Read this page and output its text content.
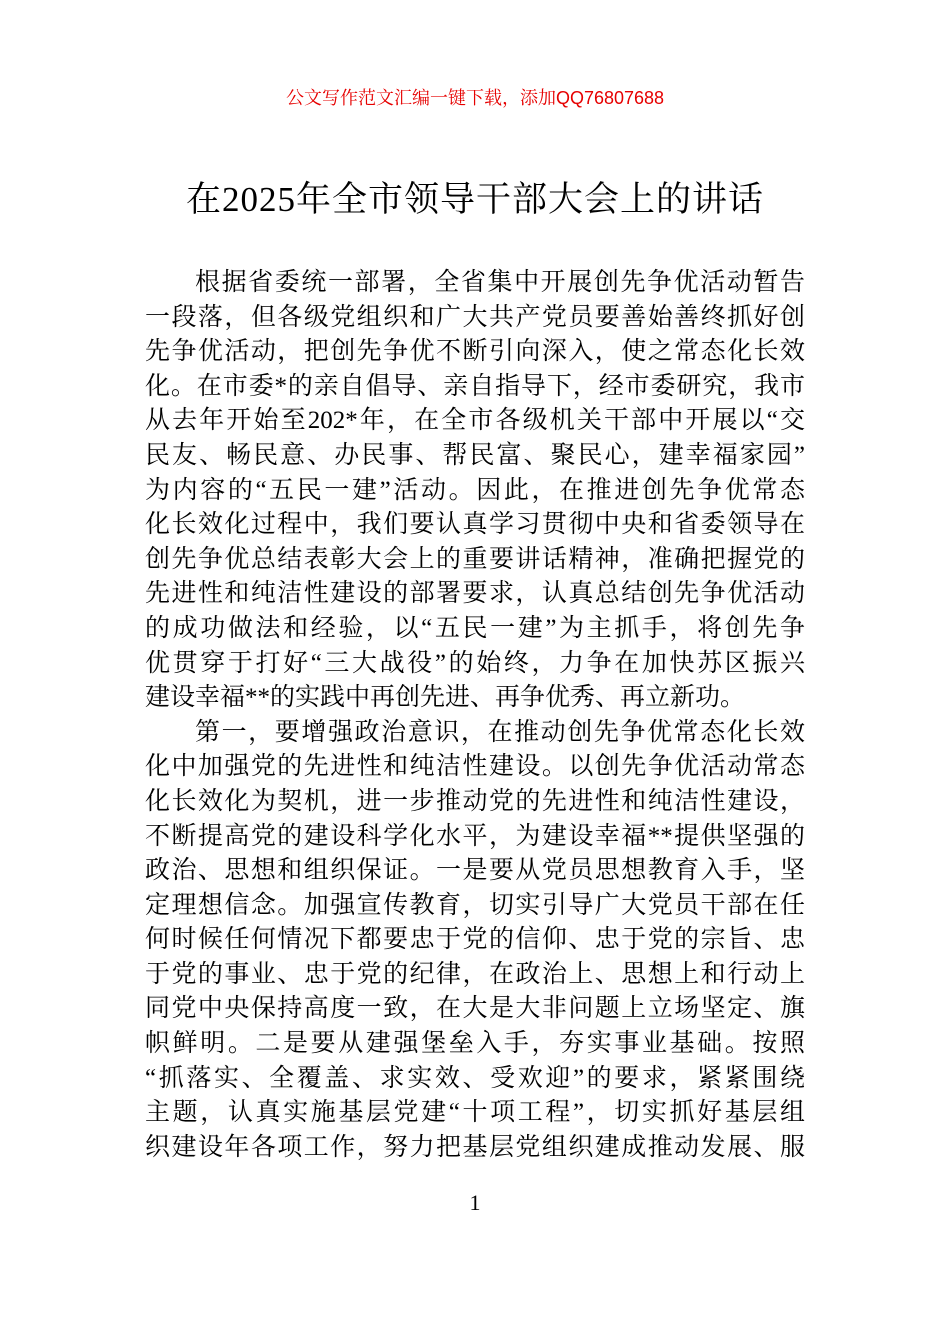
公文写作范文汇编一键下载，添加QQ76807688
在2025年全市领导干部大会上的讲话
根据省委统一部署，全省集中开展创先争优活动暂告
一段落，但各级党组织和广大共产党员要善始善终抓好创
先争优活动，把创先争优不断引向深入，使之常态化长效
化。在市委*的亲自倡导、亲自指导下，经市委研究，我市
从去年开始至202*年，在全市各级机关干部中开展以“交
民友、畅民意、办民事、帮民富、聚民心，建幸福家园”
为内容的“五民一建”活动。因此，在推进创先争优常态
化长效化过程中，我们要认真学习贯彻中央和省委领导在
创先争优总结表彰大会上的重要讲话精神，准确把握党的
先进性和纯洁性建设的部署要求，认真总结创先争优活动
的成功做法和经验，以“五民一建”为主抓手，将创先争
优贯穿于打好“三大战役”的始终，力争在加快苏区振兴
建设幸福**的实践中再创先进、再争优秀、再立新功。
第一，要增强政治意识，在推动创先争优常态化长效
化中加强党的先进性和纯洁性建设。以创先争优活动常态
化长效化为契机，进一步推动党的先进性和纯洁性建设，
不断提高党的建设科学化水平，为建设幸福**提供坚强的
政治、思想和组织保证。一是要从党员思想教育入手，坚
定理想信念。加强宣传教育，切实引导广大党员干部在任
何时候任何情况下都要忠于党的信仰、忠于党的宗旨、忠
于党的事业、忠于党的纪律，在政治上、思想上和行动上
同党中央保持高度一致，在大是大非问题上立场坚定、旗
帜鲜明。二是要从建强堡垒入手，夯实事业基础。按照
“抓落实、全覆盖、求实效、受欢迎”的要求，紧紧围绕
主题，认真实施基层党建“十项工程”，切实抓好基层组
织建设年各项工作，努力把基层党组织建成推动发展、服
1
